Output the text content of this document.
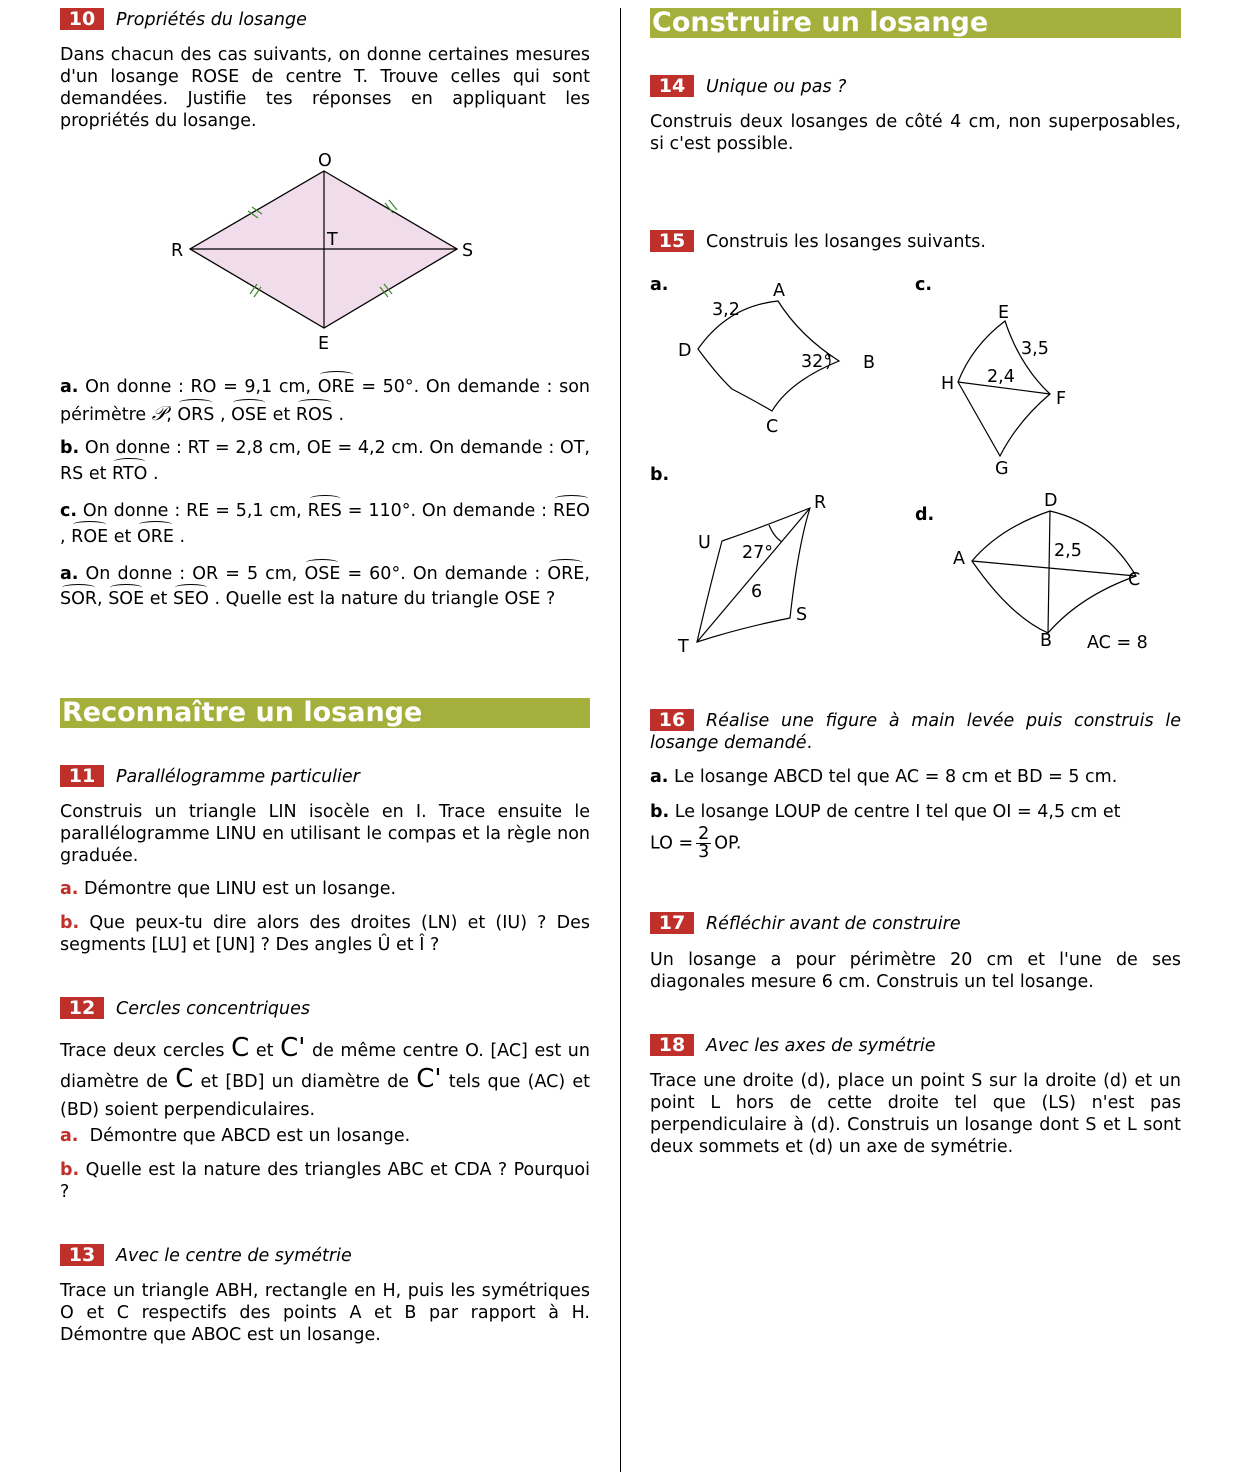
10 Propriétés du losange
Dans chacun des cas suivants, on donne certaines mesures d'un losange ROSE de centre T. Trouve celles qui sont demandées. Justifie tes réponses en appliquant les propriétés du losange.
O
S
E
R
T
a. On donne : RO = 9,1 cm, ORE = 50°. On demande : son périmètre 𝒫, ORS , OSE et ROS .
b. On donne : RT = 2,8 cm, OE = 4,2 cm. On demande : OT, RS et RTO .
c. On donne : RE = 5,1 cm, RES = 110°. On demande : REO, ROE et ORE .
a. On donne : OR = 5 cm, OSE = 60°. On demande : ORE, SOR, SOE et SEO . Quelle est la nature du triangle OSE ?
Reconnaître un losange
11 Parallélogramme particulier
Construis un triangle LIN isocèle en I. Trace ensuite le parallélogramme LINU en utilisant le compas et la règle non graduée.
a. Démontre que LINU est un losange.
b. Que peux-tu dire alors des droites (LN) et (IU) ? Des segments [LU] et [UN] ? Des angles Û et Î ?
12 Cercles concentriques
Trace deux cercles C et C' de même centre O. [AC] est un diamètre de C et [BD] un diamètre de C' tels que (AC) et (BD) soient perpendiculaires.
a. Démontre que ABCD est un losange.
b. Quelle est la nature des triangles ABC et CDA ? Pourquoi ?
13 Avec le centre de symétrie
Trace un triangle ABH, rectangle en H, puis les symétriques O et C respectifs des points A et B par rapport à H. Démontre que ABOC est un losange.
Construire un losange
14 Unique ou pas ?
Construis deux losanges de côté 4 cm, non superposables, si c'est possible.
15 Construis les losanges suivants.
a.	A
B
C
D
3,2
32°
b.
R
U
T
S
27°
6
c.
E
F
G
H
3,5
2,4
d.
D
A
C
B
2,5
AC = 8
16 Réalise une figure à main levée puis construis le losange demandé.
a. Le losange ABCD tel que AC = 8 cm et BD = 5 cm.
b. Le losange LOUP de centre I tel que OI = 4,5 cm et
LO = $\frac{2}{3}$ OP.
17 Réfléchir avant de construire
Un losange a pour périmètre 20 cm et l'une de ses diagonales mesure 6 cm. Construis un tel losange.
18 Avec les axes de symétrie
Trace une droite (d), place un point S sur la droite (d) et un point L hors de cette droite tel que (LS) n'est pas perpendiculaire à (d). Construis un losange dont S et L sont deux sommets et (d) un axe de symétrie.
